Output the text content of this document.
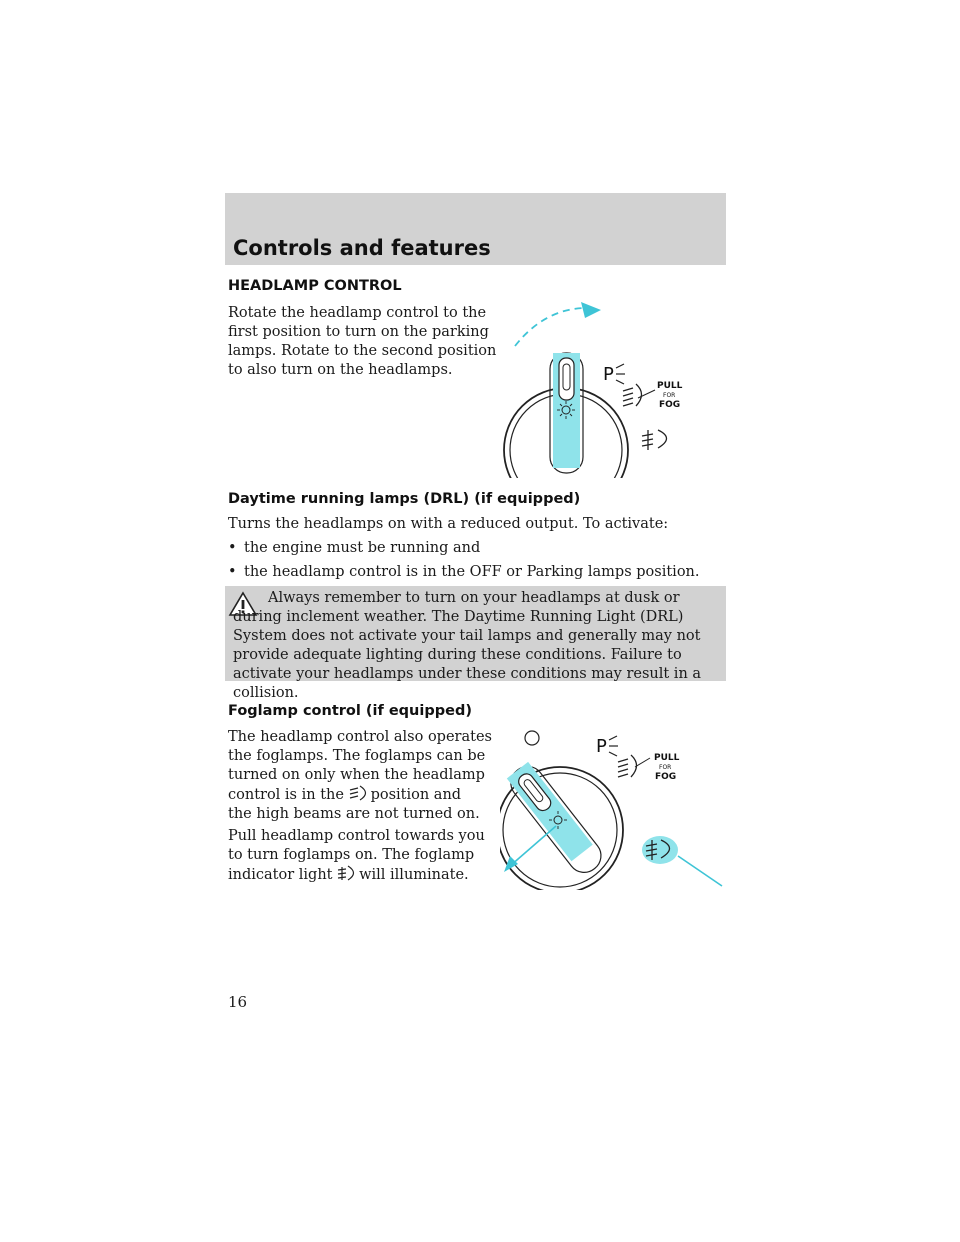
Controls and features
HEADLAMP CONTROL
Rotate the headlamp control to the
first position to turn on the parking
lamps. Rotate to the second position
to also turn on the headlamps.	P
PULL
FOR
FOG
Daytime running lamps (DRL) (if equipped)
Turns the headlamps on with a reduced output. To activate:
• the engine must be running and
• the headlamp control is in the OFF or Parking lamps position.
Always remember to turn on your headlamps at dusk or during inclement weather. The Daytime Running Light (DRL) System does not activate your tail lamps and generally may not provide adequate lighting during these conditions. Failure to activate your headlamps under these conditions may result in a collision.
Foglamp control (if equipped)
The headlamp control also operates
the foglamps. The foglamps can be
turned on only when the headlamp
control is in the position and
the high beams are not turned on.
Pull headlamp control towards you
to turn foglamps on. The foglamp
indicator light will illuminate.
P
PULL
FOR
FOG
16
